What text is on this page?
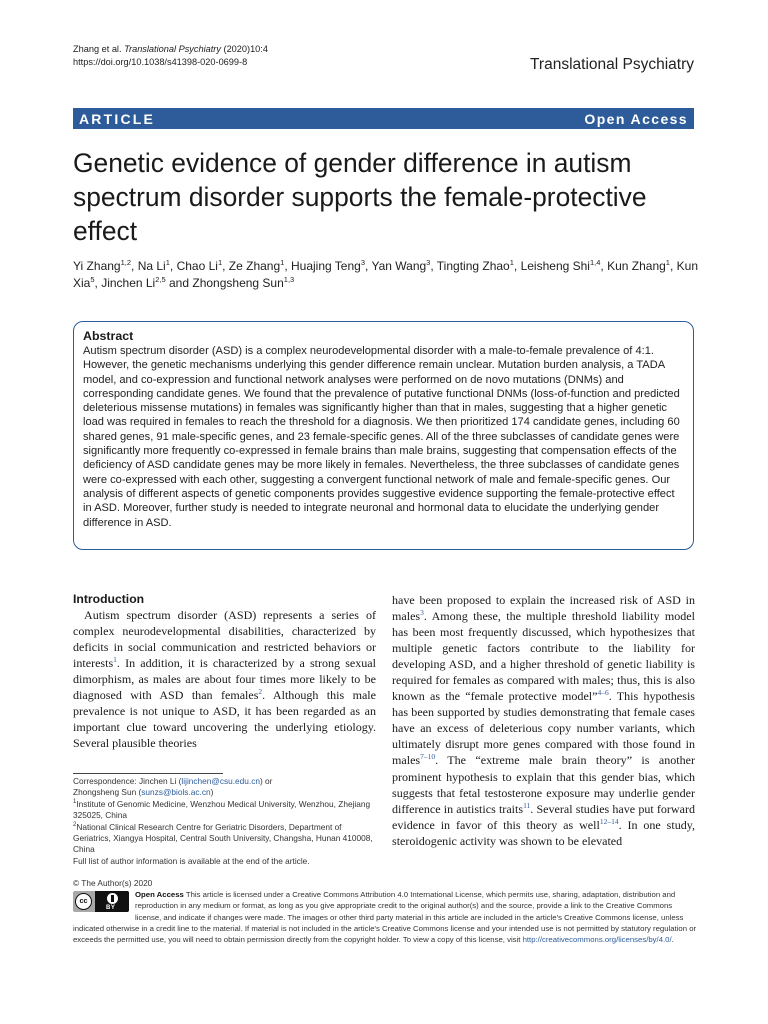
Zhang et al. Translational Psychiatry (2020)10:4
https://doi.org/10.1038/s41398-020-0699-8	Translational Psychiatry
ARTICLE	Open Access
Genetic evidence of gender difference in autism spectrum disorder supports the female-protective effect
Yi Zhang$^{1,2}$, Na Li$^1$, Chao Li$^1$, Ze Zhang$^1$, Huajing Teng$^3$, Yan Wang$^3$, Tingting Zhao$^1$, Leisheng Shi$^{1,4}$, Kun Zhang$^1$, Kun Xia$^5$, Jinchen Li$^{2,5}$ and Zhongsheng Sun$^{1,3}$
Abstract

Autism spectrum disorder (ASD) is a complex neurodevelopmental disorder with a male-to-female prevalence of 4:1. However, the genetic mechanisms underlying this gender difference remain unclear. Mutation burden analysis, a TADA model, and co-expression and functional network analyses were performed on de novo mutations (DNMs) and corresponding candidate genes. We found that the prevalence of putative functional DNMs (loss-of-function and predicted deleterious missense mutations) in females was significantly higher than that in males, suggesting that a higher genetic load was required in females to reach the threshold for a diagnosis. We then prioritized 174 candidate genes, including 60 shared genes, 91 male-specific genes, and 23 female-specific genes. All of the three subclasses of candidate genes were significantly more frequently co-expressed in female brains than male brains, suggesting that compensation effects of the deficiency of ASD candidate genes may be more likely in females. Nevertheless, the three subclasses of candidate genes were co-expressed with each other, suggesting a convergent functional network of male and female-specific genes. Our analysis of different aspects of genetic components provides suggestive evidence supporting the female-protective effect in ASD. Moreover, further study is needed to integrate neuronal and hormonal data to elucidate the underlying gender difference in ASD.

Introduction

Autism spectrum disorder (ASD) represents a series of complex neurodevelopmental disabilities, characterized by deficits in social communication and restricted behaviors or interests$^1$. In addition, it is characterized by a strong sexual dimorphism, as males are about four times more likely to be diagnosed with ASD than females$^2$. Although this male prevalence is not unique to ASD, it has been regarded as an important clue toward uncovering the underlying etiology. Several plausible theories

have been proposed to explain the increased risk of ASD in males$^3$. Among these, the multiple threshold liability model has been most frequently discussed, which hypothesizes that multiple genetic factors contribute to the liability for developing ASD, and a higher threshold of genetic liability is required for females as compared with males; thus, this is also known as the “female protective model”$^{4-6}$. This hypothesis has been supported by studies demonstrating that female cases have an excess of deleterious copy number variants, which ultimately disrupt more genes compared with those found in males$^{7-10}$. The “extreme male brain theory” is another prominent hypothesis to explain that this gender bias, which suggests that fetal testosterone exposure may underlie gender difference in autistics traits$^{11}$. Several studies have put forward evidence in favor of this theory as well$^{12-14}$. In one study, steroidogenic activity was shown to be elevated

Correspondence: Jinchen Li (lijinchen@csu.edu.cn) or
Zhongsheng Sun (sunzs@biols.ac.cn)
$^1$Institute of Genomic Medicine, Wenzhou Medical University, Wenzhou, Zhejiang 325025, China
$^2$National Clinical Research Centre for Geriatric Disorders, Department of Geriatrics, Xiangya Hospital, Central South University, Changsha, Hunan 410008, China
Full list of author information is available at the end of the article.
© The Author(s) 2020
cc
BY
Open Access This article is licensed under a Creative Commons Attribution 4.0 International License, which permits use, sharing, adaptation, distribution and reproduction in any medium or format, as long as you give appropriate credit to the original author(s) and the source, provide a link to the Creative Commons license, and indicate if changes were made. The images or other third party material in this article are included in the article's Creative Commons license, unless indicated otherwise in a credit line to the material. If material is not included in the article's Creative Commons license and your intended use is not permitted by statutory regulation or exceeds the permitted use, you will need to obtain permission directly from the copyright holder. To view a copy of this license, visit http://creativecommons.org/licenses/by/4.0/.
